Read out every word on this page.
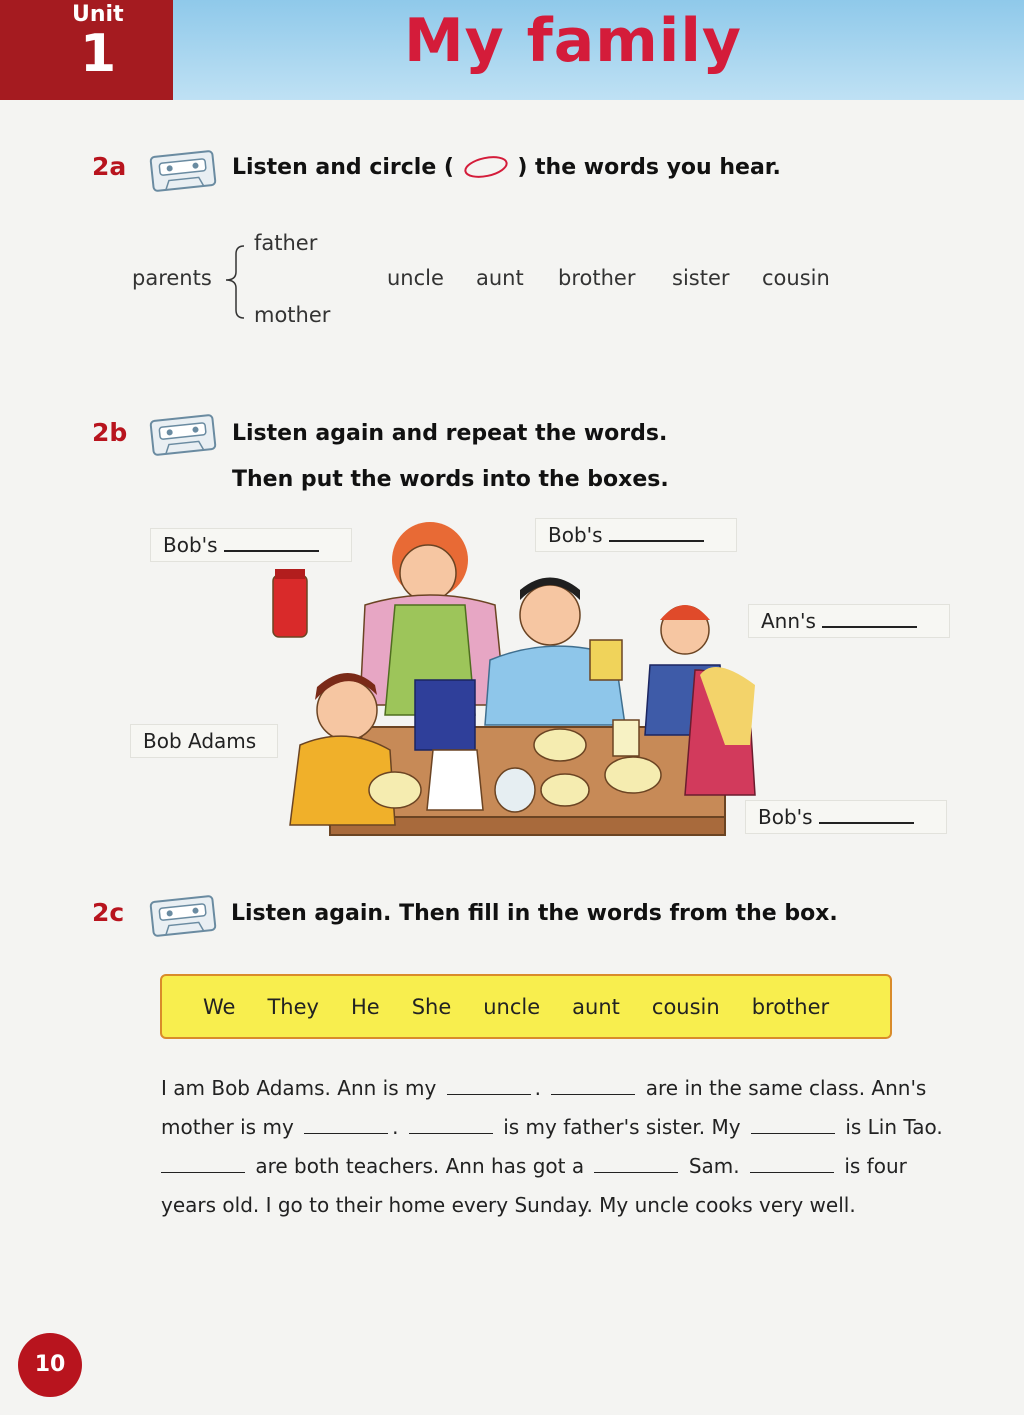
Unit
1	My family
2a	Listen and circle (	) the words you hear.
parents
father
mother
uncle aunt brother sister cousin
2b	Listen again and repeat the words.
Then put the words into the boxes.
Bob's	Bob's
Ann's
Bob Adams
Bob's
2c	Listen again. Then fill in the words from the box.
We They He She uncle aunt cousin brother
I am Bob Adams. Ann is my	.	are in the same class. Ann's
mother is my	.	is my father's sister. My	is Lin Tao.
are both teachers. Ann has got a	Sam.	is four
years old. I go to their home every Sunday. My uncle cooks very well.
10
